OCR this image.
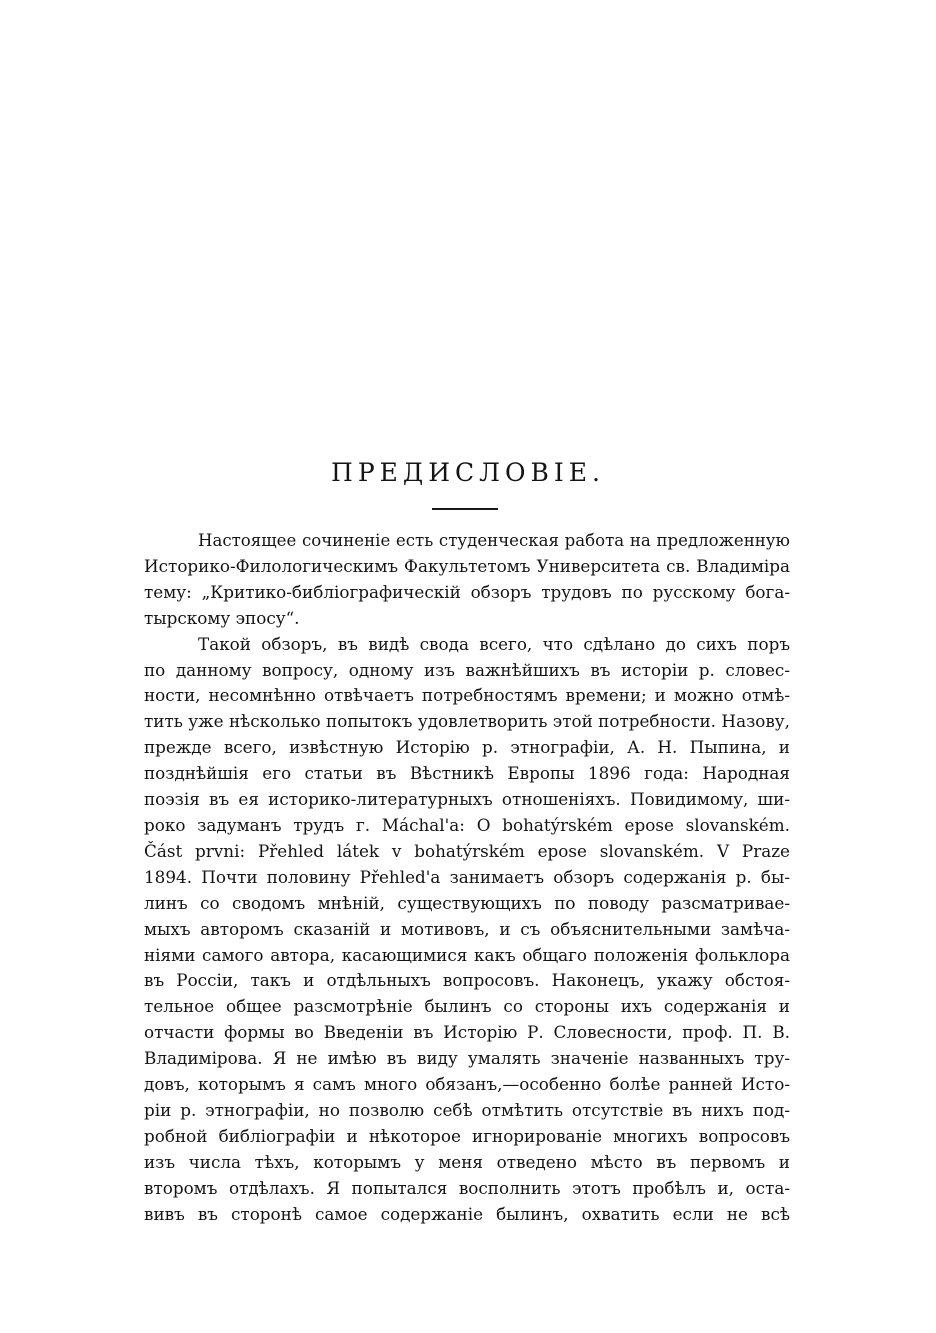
ПРЕДИСЛОВІЕ.

Настоящее сочиненіе есть студенческая работа на предложенную
Историко-Филологическимъ Факультетомъ Университета св. Владиміра
тему: „Критико-библіографическій обзоръ трудовъ по русскому бога-
тырскому эпосу“.

Такой обзоръ, въ видѣ свода всего, что сдѣлано до сихъ поръ
по данному вопросу, одному изъ важнѣйшихъ въ исторіи р. словес-
ности, несомнѣнно отвѣчаетъ потребностямъ времени; и можно отмѣ-
тить уже нѣсколько попытокъ удовлетворить этой потребности. Назову,
прежде всего, извѣстную Исторію р. этнографіи, А. Н. Пыпина, и
позднѣйшія его статьи въ Вѣстникѣ Европы 1896 года: Народная
поэзія въ ея историко-литературныхъ отношеніяхъ. Повидимому, ши-
роко задуманъ трудъ г. Máchal'a: O bohatýrském epose slovanském.
Část prvni: Přehled látek v bohatýrském epose slovanském. V Praze
1894. Почти половину Přehled'a занимаетъ обзоръ содержанія р. бы-
линъ со сводомъ мнѣній, существующихъ по поводу разсматривае-
мыхъ авторомъ сказаній и мотивовъ, и съ объяснительными замѣча-
ніями самого автора, касающимися какъ общаго положенія фольклора
въ Россіи, такъ и отдѣльныхъ вопросовъ. Наконецъ, укажу обстоя-
тельное общее разсмотрѣніе былинъ со стороны ихъ содержанія и
отчасти формы во Введеніи въ Исторію Р. Словесности, проф. П. В.
Владимірова. Я не имѣю въ виду умалять значеніе названныхъ тру-
довъ, которымъ я самъ много обязанъ,—особенно болѣе ранней Исто-
ріи р. этнографіи, но позволю себѣ отмѣтить отсутствіе въ нихъ под-
робной библіографіи и нѣкоторое игнорированіе многихъ вопросовъ
изъ числа тѣхъ, которымъ у меня отведено мѣсто въ первомъ и
второмъ отдѣлахъ. Я попытался восполнить этотъ пробѣлъ и, оста-
вивъ въ сторонѣ самое содержаніе былинъ, охватить если не всѣ
